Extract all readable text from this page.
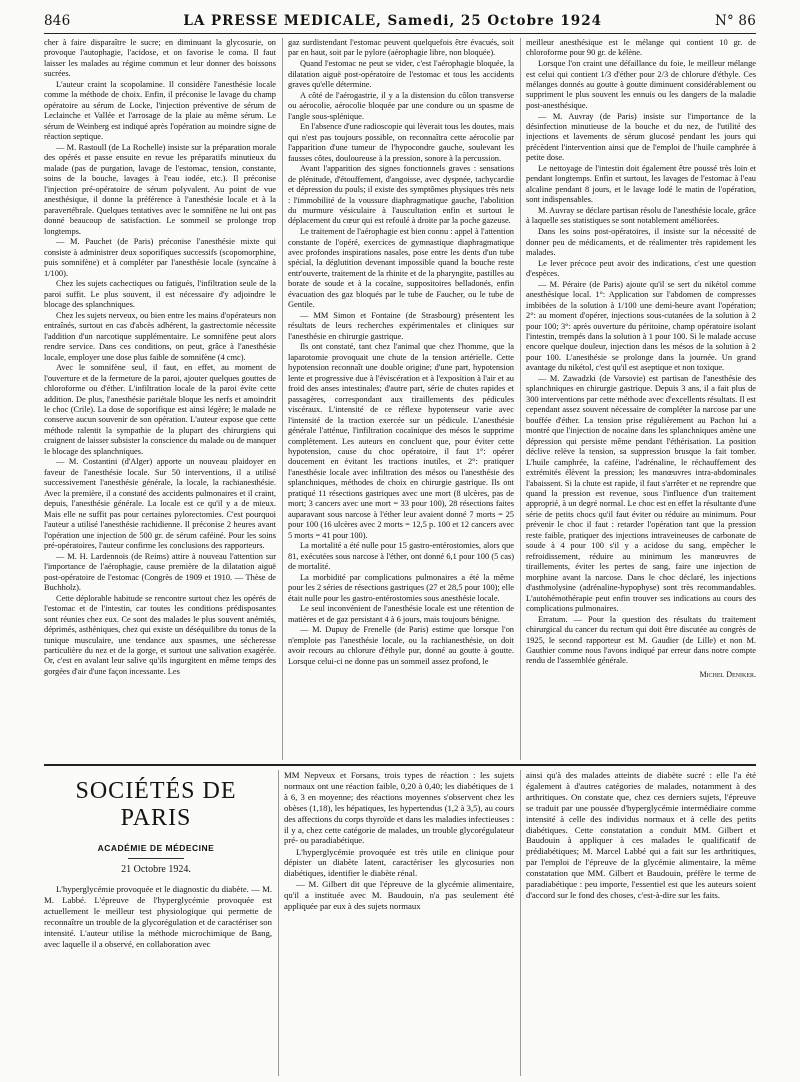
846	LA PRESSE MEDICALE, Samedi, 25 Octobre 1924	N° 86

cher à faire disparaître le sucre; en diminuant la glycosurie, on provoque l'autophagie, l'acidose, et on favorise le coma. Il faut laisser les malades au régime commun et leur donner des boissons sucrées.

L'auteur craint la scopolamine. Il considère l'anesthésie locale comme la méthode de choix. Enfin, il préconise le lavage du champ opératoire au sérum de Locke, l'injection préventive de sérum de Leclainche et Vallée et l'arrosage de la plaie au même sérum. Le sérum de Weinberg est indiqué après l'opération au moindre signe de réaction septique.

— M. Rastoull (de La Rochelle) insiste sur la préparation morale des opérés et passe ensuite en revue les préparatifs minutieux du malade (pas de purgation, lavage de l'estomac, tension, constante, soins de la bouche, lavages à l'eau iodée, etc.). Il préconise l'injection pré-opératoire de sérum polyvalent. Au point de vue anesthésique, il donne la préférence à l'anesthésie locale et à la paravertébrale. Quelques tentatives avec le somnifène ne lui ont pas donné beaucoup de satisfaction. Le sommeil se prolonge trop longtemps.

— M. Pauchet (de Paris) préconise l'anesthésie mixte qui consiste à administrer deux soporifiques successifs (scopomorphine, puis somnifène) et à compléter par l'anesthésie locale (syncaïne à 1/100).

Chez les sujets cachectiques ou fatigués, l'infiltration seule de la paroi suffit. Le plus souvent, il est nécessaire d'y adjoindre le blocage des splanchniques.

Chez les sujets nerveux, ou bien entre les mains d'opérateurs non entraînés, surtout en cas d'abcès adhérent, la gastrectomie nécessite l'addition d'un narcotique supplémentaire. Le somnifène peut alors rendre service. Dans ces conditions, on peut, grâce à l'anesthésie locale, employer une dose plus faible de somnifène (4 cmc).

Avec le somnifène seul, il faut, en effet, au moment de l'ouverture et de la fermeture de la paroi, ajouter quelques gouttes de chloroforme ou d'éther. L'infiltration locale de la paroi évite cette addition. De plus, l'anesthésie pariétale bloque les nerfs et amoindrit le choc (Crile). La dose de soporifique est ainsi légère; le malade ne conserve aucun souvenir de son opération. L'auteur expose que cette méthode ralentit la sympathie de la plupart des chirurgiens qui craignent de laisser subsister la conscience du malade ou de manquer le blocage des splanchniques.

— M. Costantini (d'Alger) apporte un nouveau plaidoyer en faveur de l'anesthésie locale. Sur 50 interventions, il a utilisé successivement l'anesthésie générale, la locale, la rachianesthésie. Avec la première, il a constaté des accidents pulmonaires et il craint, depuis, l'anesthésie générale. La locale est ce qu'il y a de mieux. Mais elle ne suffit pas pour certaines pylorectomies. C'est pourquoi l'auteur a utilisé l'anesthésie rachidienne. Il préconise 2 heures avant l'opération une injection de 500 gr. de sérum caféiné. Pour les soins pré-opératoires, l'auteur confirme les conclusions des rapporteurs.

— M. H. Lardennois (de Reims) attire à nouveau l'attention sur l'importance de l'aérophagie, cause première de la dilatation aiguë post-opératoire de l'estomac (Congrès de 1909 et 1910. — Thèse de Buchholz).

Cette déplorable habitude se rencontre surtout chez les opérés de l'estomac et de l'intestin, car toutes les conditions prédisposantes sont réunies chez eux. Ce sont des malades le plus souvent anémiés, déprimés, asthéniques, chez qui existe un déséquilibre du tonus de la tunique musculaire, une tendance aux spasmes, une sécheresse particulière du nez et de la gorge, et surtout une salivation exagérée. Or, c'est en avalant leur salive qu'ils ingurgitent en même temps des gorgées d'air d'une façon incessante. Les

gaz surdistendant l'estomac peuvent quelquefois être évacués, soit par en haut, soit par le pylore (aérophagie libre, non bloquée).

Quand l'estomac ne peut se vider, c'est l'aérophagie bloquée, la dilatation aiguë post-opératoire de l'estomac et tous les accidents graves qu'elle détermine.

A côté de l'aérogastrie, il y a la distension du côlon transverse ou aérocolie, aérocolie bloquée par une condure ou un spasme de l'angle sous-splénique.

En l'absence d'une radioscopie qui lèverait tous les doutes, mais qui n'est pas toujours possible, on reconnaîtra cette aérocolie par l'apparition d'une tumeur de l'hypocondre gauche, soulevant les fausses côtes, douloureuse à la pression, sonore à la percussion.

Avant l'apparition des signes fonctionnels graves : sensations de plénitude, d'étouffement, d'angoisse, avec dyspnée, tachycardie et dépression du pouls; il existe des symptômes physiques très nets : l'immobilité de la voussure diaphragmatique gauche, l'abolition du murmure vésiculaire à l'auscultation enfin et surtout le déplacement du cœur qui est refoulé à droite par la poche gazeuse.

Le traitement de l'aérophagie est bien connu : appel à l'attention constante de l'opéré, exercices de gymnastique diaphragmatique avec profondes inspirations nasales, pose entre les dents d'un tube spécial, la déglutition devenant impossible quand la bouche reste entr'ouverte, traitement de la rhinite et de la pharyngite, pastilles au borate de soude et à la cocaïne, suppositoires belladonés, enfin évacuation des gaz bloqués par le tube de Faucher, ou le tube de Gentile.

— MM Simon et Fontaine (de Strasbourg) présentent les résultats de leurs recherches expérimentales et cliniques sur l'anesthésie en chirurgie gastrique.

Ils ont constaté, tant chez l'animal que chez l'homme, que la laparotomie provoquait une chute de la tension artérielle. Cette hypotension reconnaît une double origine; d'une part, hypotension lente et progressive due à l'éviscération et à l'exposition à l'air et au froid des anses intestinales; d'autre part, série de chutes rapides et passagères, correspondant aux tiraillements des pédicules viscéraux. L'intensité de ce réflexe hypotenseur varie avec l'intensité de la traction exercée sur un pédicule. L'anesthésie générale l'atténue, l'infiltration cocaïnique des mésos le supprime complètement. Les auteurs en concluent que, pour éviter cette hypotension, cause du choc opératoire, il faut 1°: opérer doucement en évitant les tractions inutiles, et 2°: pratiquer l'anesthésie locale avec infiltration des mésos ou l'anesthésie des splanchniques, méthodes de choix en chirurgie gastrique. Ils ont pratiqué 11 résections gastriques avec une mort (8 ulcères, pas de mort; 3 cancers avec une mort = 33 pour 100), 28 résections faites auparavant sous narcose à l'éther leur avaient donné 7 morts = 25 pour 100 (16 ulcères avec 2 morts = 12,5 p. 100 et 12 cancers avec 5 morts = 41 pour 100).

La mortalité a été nulle pour 15 gastro-entérostomies, alors que 81, exécutées sous narcose à l'éther, ont donné 6,1 pour 100 (5 cas) de mortalité.

La morbidité par complications pulmonaires a été la même pour les 2 séries de résections gastriques (27 et 28,5 pour 100); elle était nulle pour les gastro-entérostomies sous anesthésie locale.

Le seul inconvénient de l'anesthésie locale est une rétention de matières et de gaz persistant 4 à 6 jours, mais toujours bénigne.

— M. Dupuy de Frenelle (de Paris) estime que lorsque l'on n'emploie pas l'anesthésie locale, ou la rachianesthésie, on doit avoir recours au chlorure d'éthyle pur, donné au goutte à goutte. Lorsque celui-ci ne donne pas un sommeil assez profond, le

meilleur anesthésique est le mélange qui contient 10 gr. de chloroforme pour 90 gr. de kélène.

Lorsque l'on craint une défaillance du foie, le meilleur mélange est celui qui contient 1/3 d'éther pour 2/3 de chlorure d'éthyle. Ces mélanges donnés au goutte à goutte diminuent considérablement ou suppriment le plus souvent les ennuis ou les dangers de la maladie post-anesthésique.

— M. Auvray (de Paris) insiste sur l'importance de la désinfection minutieuse de la bouche et du nez, de l'utilité des injections et lavements de sérum glucosé pendant les jours qui précèdent l'intervention ainsi que de l'emploi de l'huile camphrée à petite dose.

Le nettoyage de l'intestin doit également être poussé très loin et pendant longtemps. Enfin et surtout, les lavages de l'estomac à l'eau alcaline pendant 8 jours, et le lavage lodé le matin de l'opération, sont indispensables.

M. Auvray se déclare partisan résolu de l'anesthésie locale, grâce à laquelle ses statistiques se sont notablement améliorées.

Dans les soins post-opératoires, il insiste sur la nécessité de donner peu de médicaments, et de réalimenter très rapidement les malades.

Le lever précoce peut avoir des indications, c'est une question d'espèces.

— M. Péraire (de Paris) ajoute qu'il se sert du nikétol comme anesthésique local. 1°: Application sur l'abdomen de compresses imbibées de la solution à 1/100 une demi-heure avant l'opération; 2°: au moment d'opérer, injections sous-cutanées de la solution à 2 pour 100; 3°: après ouverture du péritoine, champ opératoire isolant l'intestin, trempés dans la solution à 1 pour 100. Si le malade accuse encore quelque douleur, injection dans les mésos de la solution à 2 pour 100. L'anesthésie se prolonge dans la journée. Un grand avantage du nikétol, c'est qu'il est aseptique et non toxique.

— M. Zawadzki (de Varsovie) est partisan de l'anesthésie des splanchniques en chirurgie gastrique. Depuis 3 ans, il a fait plus de 300 interventions par cette méthode avec d'excellents résultats. Il est cependant assez souvent nécessaire de compléter la narcose par une bouffée d'éther. La tension prise régulièrement au Pachon lui a montré que l'injection de nocaïne dans les splanchniques amène une dépression qui persiste même pendant l'éthérisation. La position déclive relève la tension, sa suppression brusque la fait tomber. L'huile camphrée, la caféine, l'adrénaline, le réchauffement des extrémités élèvent la pression; les manœuvres intra-abdominales l'abaissent. Si la chute est rapide, il faut s'arrêter et ne reprendre que quand la pression est revenue, sous l'influence d'un traitement approprié, à un degré normal. Le choc est en effet la résultante d'une série de petits chocs qu'il faut éviter ou réduire au minimum. Pour prévenir le choc il faut : retarder l'opération tant que la pression reste faible, pratiquer des injections intraveineuses de carbonate de soude à 4 pour 100 s'il y a acidose du sang, empêcher le refroidissement, réduire au minimum les manœuvres de tiraillements, éviter les pertes de sang, faire une injection de morphine avant la narcose. Dans le choc déclaré, les injections d'asthmolysine (adrénaline-hypophyse) sont très recommandables. L'autohémothérapie peut enfin trouver ses indications au cours des complications pulmonaires.

Erratum. — Pour la question des résultats du traitement chirurgical du cancer du rectum qui doit être discutée au congrès de 1925, le second rapporteur est M. Gaudier (de Lille) et non M. Gauthier comme nous l'avons indiqué par erreur dans notre compte rendu de l'assemblée générale.

Michel Deniker.

SOCIÉTÉS DE PARIS
ACADÉMIE DE MÉDECINE
21 Octobre 1924.

L'hyperglycémie provoquée et le diagnostic du diabète. — M. M. Labbé. L'épreuve de l'hyperglycémie provoquée est actuellement le meilleur test physiologique qui permette de reconnaître un trouble de la glycorégulation et de caractériser son intensité. L'auteur utilise la méthode microchimique de Bang, avec laquelle il a observé, en collaboration avec

MM Nepveux et Forsans, trois types de réaction : les sujets normaux ont une réaction faible, 0,20 à 0,40; les diabétiques de 1 à 6, 3 en moyenne; des réactions moyennes s'observent chez les obèses (1,18), les hépatiques, les hypertendus (1,2 à 3,5), au cours des affections du corps thyroïde et dans les maladies infectieuses : il y a, chez cette catégorie de malades, un trouble glycorégulateur pré- ou paradiabétique.

L'hyperglycémie provoquée est très utile en clinique pour dépister un diabète latent, caractériser les glycosuries non diabétiques, identifier le diabète rénal.

— M. Gilbert dit que l'épreuve de la glycémie alimentaire, qu'il a instituée avec M. Baudouin, n'a pas seulement été appliquée par eux à des sujets normaux

ainsi qu'à des malades atteints de diabète sucré : elle l'a été également à d'autres catégories de malades, notamment à des arthritiques. On constate que, chez ces derniers sujets, l'épreuve se traduit par une poussée d'hyperglycémie intermédiaire comme intensité à celle des individus normaux et à celle des petits diabétiques. Cette constatation a conduit MM. Gilbert et Baudouin à appliquer à ces malades le qualificatif de prédiabétiques; M. Marcel Labbé qui a fait sur les arthritiques, par l'emploi de l'épreuve de la glycémie alimentaire, la même constatation que MM. Gilbert et Baudouin, préfère le terme de paradiabétique : peu importe, l'essentiel est que les auteurs soient d'accord sur le fond des choses, c'est-à-dire sur les faits.
